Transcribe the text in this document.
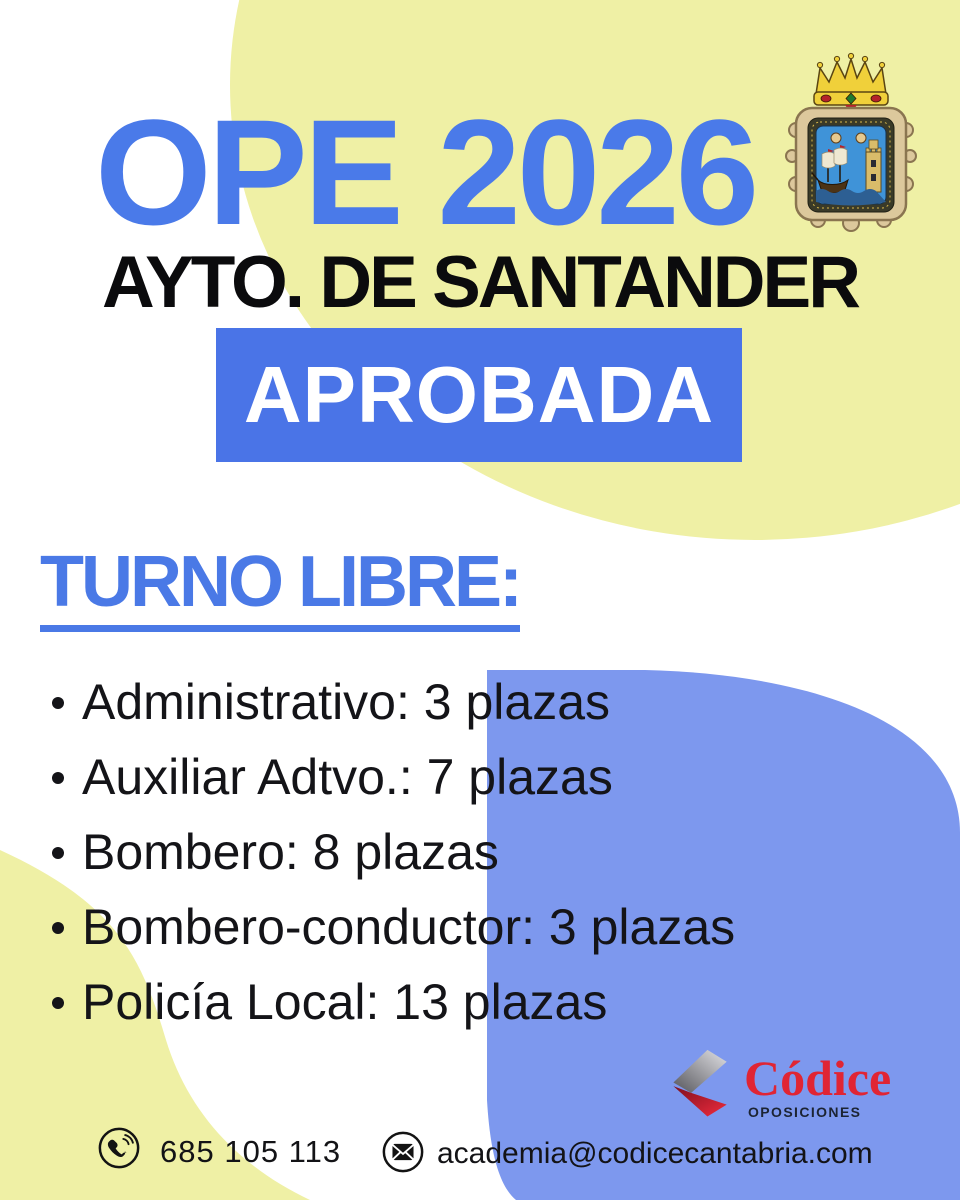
OPE 2026
AYTO. DE SANTANDER
APROBADA
TURNO LIBRE:
Administrativo: 3 plazas
Auxiliar Adtvo.: 7 plazas
Bombero: 8 plazas
Bombero-conductor: 3 plazas
Policía Local: 13 plazas

Códice

OPOSICIONES

685 105 113	academia@codicecantabria.com
